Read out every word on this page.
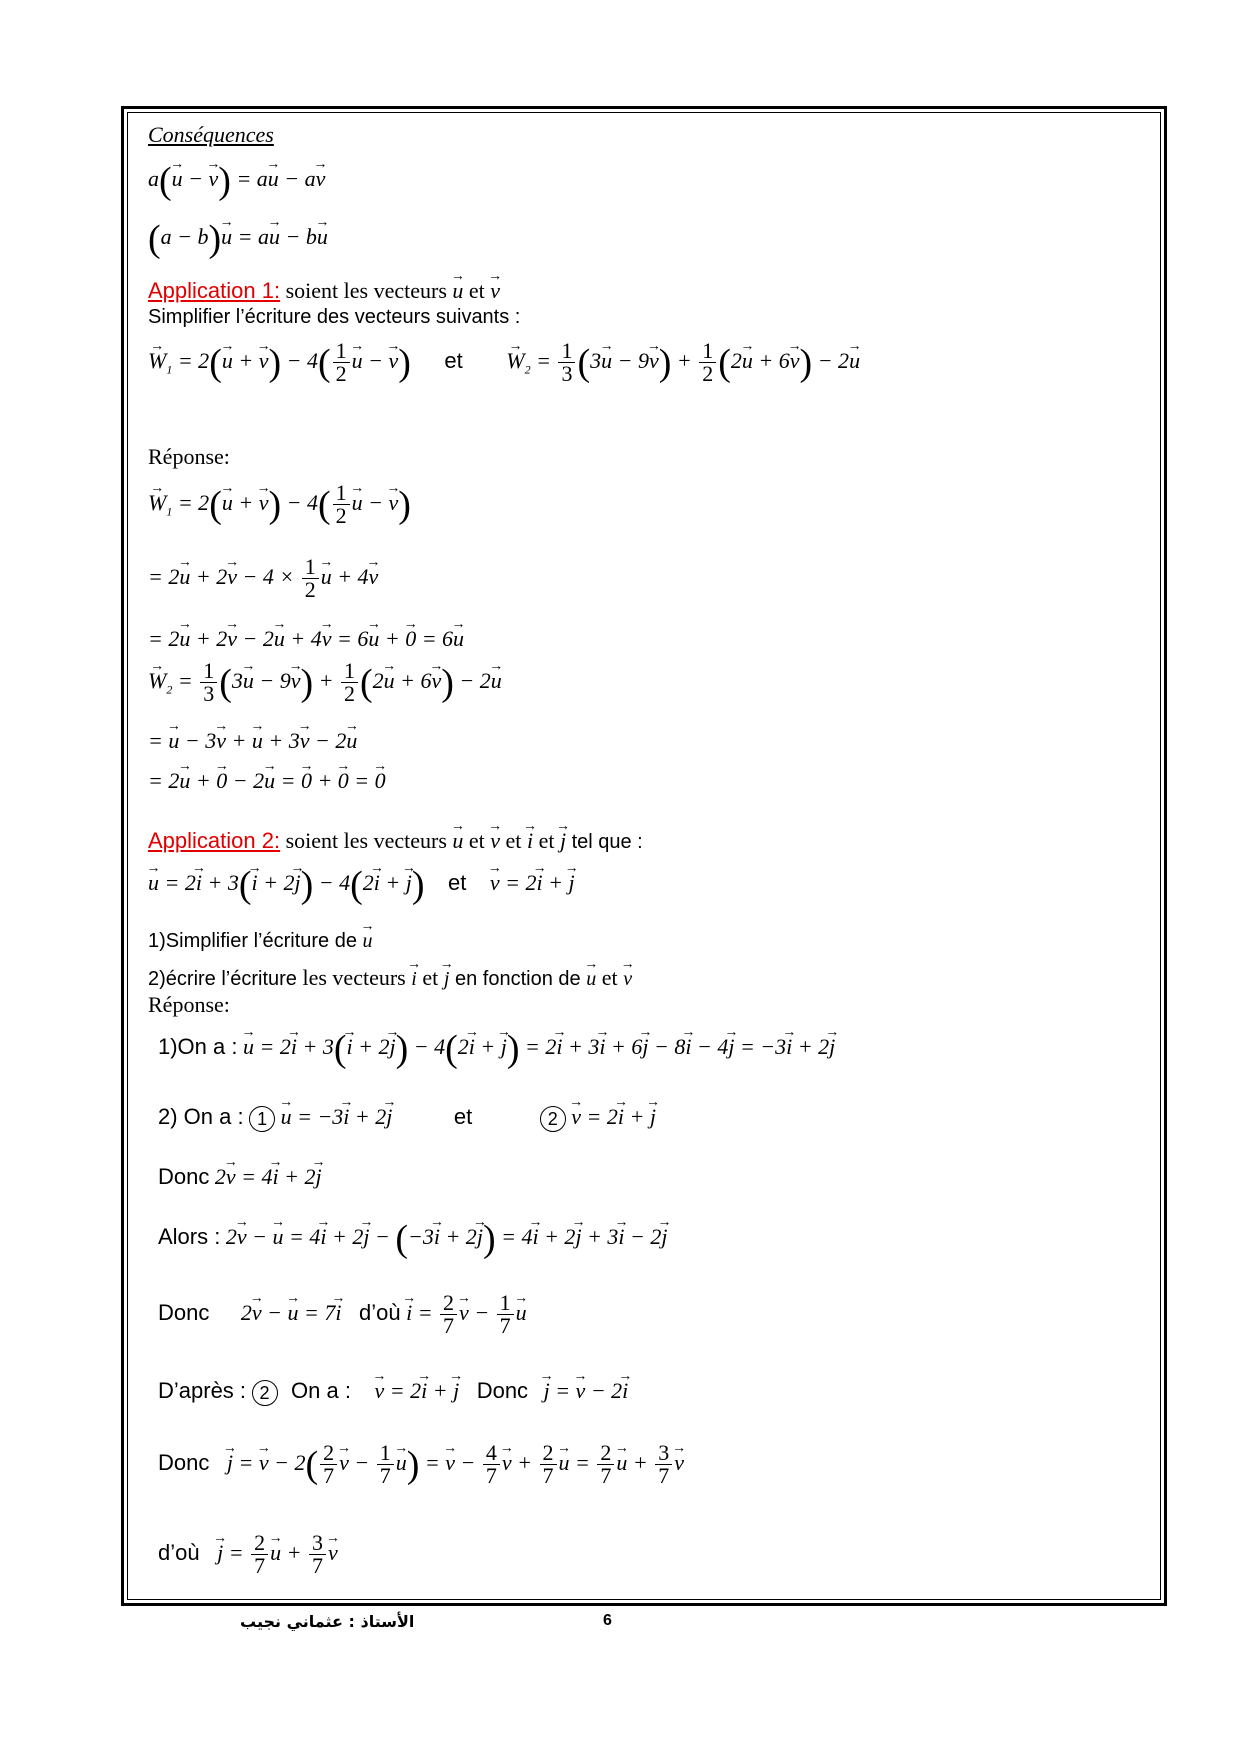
Conséquences
a(→ u − → v) = a→ u − a→ v
(a − b)→ u = a→ u − b→ u
Application 1: soient les vecteurs → u et → v
Simplifier l’écriture des vecteurs suivants :
→ $W_1 = 2(\to u$ + → $v) - 4( \frac{1}{2} \to u$ − → v) et → $W_2 = \frac{1}{3} (3\to u - 9\to v) + \frac{1}{2} (2\to u + 6\to v) - 2\to u$
Réponse:
→ $W_1 = 2(\to u$ + → $v) - 4( \frac{1}{2} \to u$ − → v)
= $2\to u + 2\to v - 4 \times \frac{1}{2} \to u + 4\to v$
= 2→ u + 2→ v − 2→ u + 4→ v = 6→ u + → 0 = 6→ u
→ $W_2 = \frac{1}{3} (3\to u - 9\to v) + \frac{1}{2} (2\to u + 6\to v) - 2\to u$
= → u − 3→ v + → u + 3→ v − 2→ u
= 2→ u + → 0 − 2→ u = → 0 + → 0 = → 0
Application 2: soient les vecteurs → u et → v et → i et → j tel que :
→ u = 2→ i + 3(→ i + 2→ j) − 4(2→ i + → j) et → v = 2→ i + → j
1)Simplifier l’écriture de → u
2)écrire l’écriture les vecteurs → i et → j en fonction de → u et → v
Réponse:
1)On a : → u = 2→ i + 3(→ i + 2→ j) − 4(2→ i + → j) = 2→ i + 3→ i + 6→ j − 8→ i − 4→ j = −3→ i + 2→ j
2) On a : 1 → u = −3→ i + 2→ j	et	2 → v = 2→ i + → j
Donc 2→ v = 4→ i + 2→ j
Alors : 2→ v − → u = 4→ i + 2→ j − (−3→ i + 2→ j) = 4→ i + 2→ j + 3→ i − 2→ j
Donc 2→ v − → u = 7→ i d’où → $i = \frac{2}{7} \to v - \frac{1}{7} \to u$
D’après : 2 On a : → v = 2→ i + → j Donc → j = → v − 2→ i
Donc → j = → $v - 2( \frac{2}{7} \to v - \frac{1}{7} \to u)$ = → $v - \frac{4}{7} \to v + \frac{2}{7} \to u = \frac{2}{7} \to u + \frac{3}{7} \to v$
d’où → $j = \frac{2}{7} \to u + \frac{3}{7} \to v$
الأستاذ : عثماني نجيب	6
